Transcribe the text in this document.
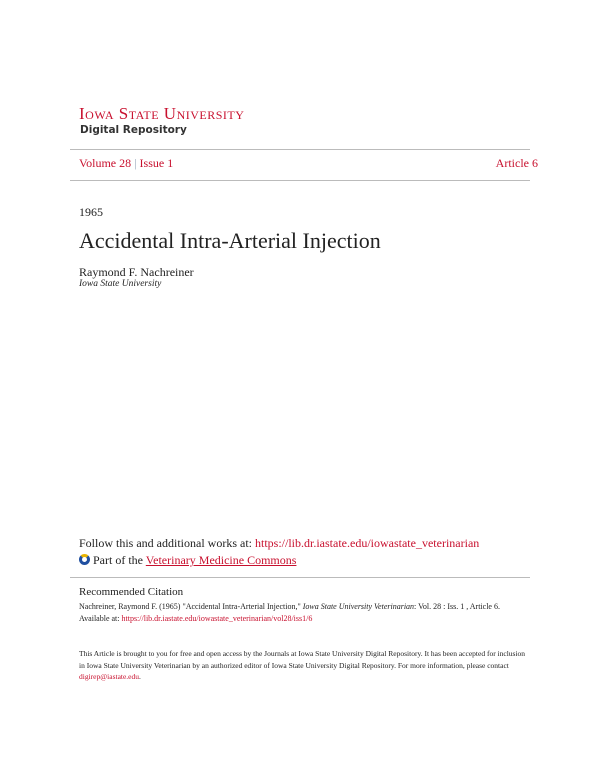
Iowa State University
Digital Repository
Volume 28 | Issue 1	Article 6
1965
Accidental Intra-Arterial Injection
Raymond F. Nachreiner
Iowa State University
Follow this and additional works at: https://lib.dr.iastate.edu/iowastate_veterinarian
Part of the Veterinary Medicine Commons
Recommended Citation
Nachreiner, Raymond F. (1965) "Accidental Intra-Arterial Injection," Iowa State University Veterinarian: Vol. 28 : Iss. 1 , Article 6.
Available at: https://lib.dr.iastate.edu/iowastate_veterinarian/vol28/iss1/6
This Article is brought to you for free and open access by the Journals at Iowa State University Digital Repository. It has been accepted for inclusion in Iowa State University Veterinarian by an authorized editor of Iowa State University Digital Repository. For more information, please contact
digirep@iastate.edu.
